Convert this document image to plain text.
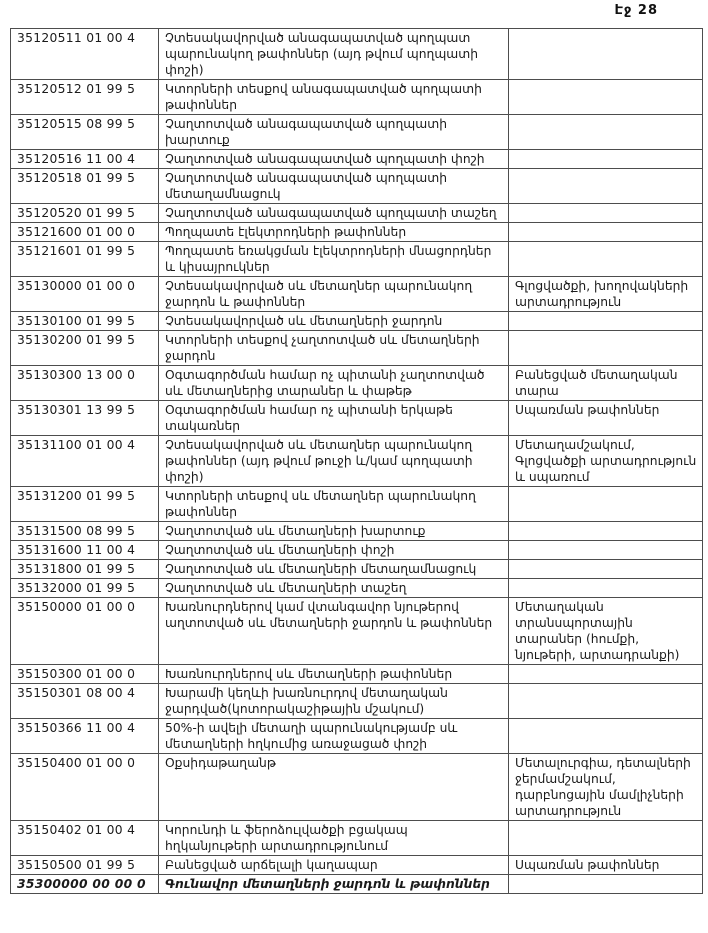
Էջ 28
35120511 01 00 4	Չտեսակավորված անագապատված պողպատ պարունակող թափոններ (այդ թվում պողպատի փոշի)	
35120512 01 99 5	Կտորների տեսքով անագապատված պողպատի թափոններ	
35120515 08 99 5	Չաղտոտված անագապատված պողպատի խարտուք	
35120516 11 00 4	Չաղտոտված անագապատված պողպատի փոշի	
35120518 01 99 5	Չաղտոտված անագապատված պողպատի մետաղամնացուկ	
35120520 01 99 5	Չաղտոտված անագապատված պողպատի տաշեղ	
35121600 01 00 0	Պողպատե էլեկտրոդների թափոններ	
35121601 01 99 5	Պողպատե եռակցման էլեկտրոդների մնացորդներ և կիսայրուկներ	
35130000 01 00 0	Չտեսակավորված սև մետաղներ պարունակող ջարդոն և թափոններ	Գլոցվածքի, խողովակների արտադրություն
35130100 01 99 5	Չտեսակավորված սև մետաղների ջարդոն	
35130200 01 99 5	Կտորների տեսքով չաղտոտված սև մետաղների ջարդոն	
35130300 13 00 0	Օգտագործման համար ոչ պիտանի չաղտոտված սև մետաղներից տարաներ և փաթեթ	Բանեցված մետաղական տարա
35130301 13 99 5	Օգտագործման համար ոչ պիտանի երկաթե տակառներ	Սպառման թափոններ
35131100 01 00 4	Չտեսակավորված սև մետաղներ պարունակող թափոններ (այդ թվում թուջի և/կամ պողպատի փոշի)	Մետաղամշակում, Գլոցվածքի արտադրություն և սպառում
35131200 01 99 5	Կտորների տեսքով սև մետաղներ պարունակող թափոններ	
35131500 08 99 5	Չաղտոտված սև մետաղների խարտուք	
35131600 11 00 4	Չաղտոտված սև մետաղների փոշի	
35131800 01 99 5	Չաղտոտված սև մետաղների մետաղամնացուկ	
35132000 01 99 5	Չաղտոտված սև մետաղների տաշեղ	
35150000 01 00 0	Խառնուրդներով կամ վտանգավոր նյութերով աղտոտված սև մետաղների ջարդոն և թափոններ	Մետաղական տրանսպորտային տարաներ (հումքի, նյութերի, արտադրանքի)
35150300 01 00 0	Խառնուրդներով սև մետաղների թափոններ	
35150301 08 00 4	Խարամի կեղևի խառնուրդով մետաղական ջարդված(կոտորակաշիթային մշակում)	
35150366 11 00 4	50%-ի ավելի մետաղի պարունակությամբ սև մետաղների հղկումից առաջացած փոշի	
35150400 01 00 0	Օքսիդաթաղանթ	Մետալուրգիա, դետալների ջերմամշակում, դարբնոցային մամլիչների արտադրություն
35150402 01 00 4	Կորունդի և ֆերոձուլվածքի բցակապ հղկանյութերի արտադրությունում	
35150500 01 99 5	Բանեցված արճելալի կաղապար	Սպառման թափոններ
35300000 00 00 0	Գունավոր մետաղների ջարդոն և թափոններ	
